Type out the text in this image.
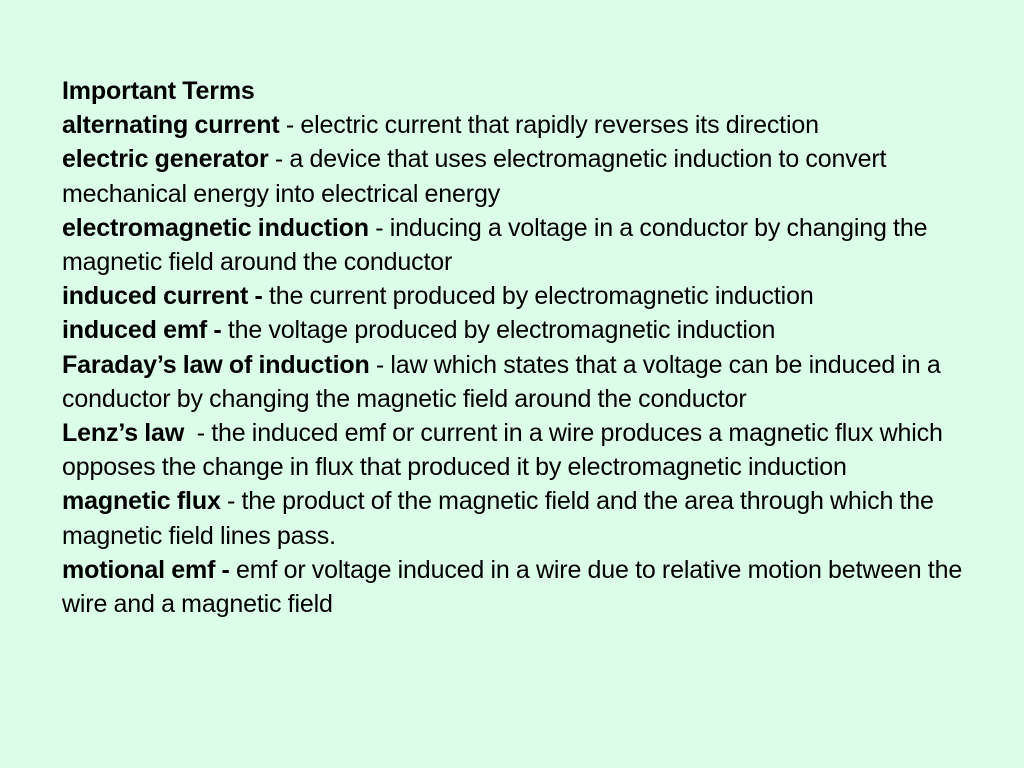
Important Terms

alternating current - electric current that rapidly reverses its direction

electric generator - a device that uses electromagnetic induction to convert mechanical energy into electrical energy

electromagnetic induction - inducing a voltage in a conductor by changing the magnetic field around the conductor

induced current - the current produced by electromagnetic induction

induced emf - the voltage produced by electromagnetic induction

Faraday’s law of induction - law which states that a voltage can be induced in a conductor by changing the magnetic field around the conductor

Lenz’s law  - the induced emf or current in a wire produces a magnetic flux which opposes the change in flux that produced it by electromagnetic induction

magnetic flux - the product of the magnetic field and the area through which the magnetic field lines pass.

motional emf - emf or voltage induced in a wire due to relative motion between the wire and a magnetic field
